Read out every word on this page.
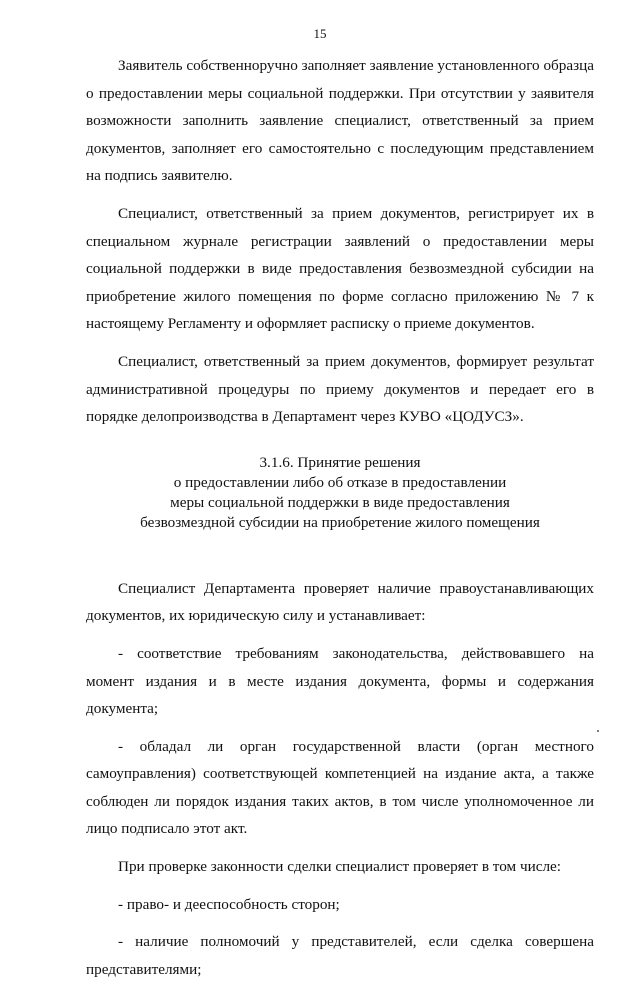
15

Заявитель собственноручно заполняет заявление установленного образца о предоставлении меры социальной поддержки. При отсутствии у заявителя возможности заполнить заявление специалист, ответственный за прием документов, заполняет его самостоятельно с последующим представлением на подпись заявителю.

Специалист, ответственный за прием документов, регистрирует их в специальном журнале регистрации заявлений о предоставлении меры социальной поддержки в виде предоставления безвозмездной субсидии на приобретение жилого помещения по форме согласно приложению № 7 к настоящему Регламенту и оформляет расписку о приеме документов.

Специалист, ответственный за прием документов, формирует результат административной процедуры по приему документов и передает его в порядке делопроизводства в Департамент через КУВО «ЦОДУСЗ».

3.1.6. Принятие решения
о предоставлении либо об отказе в предоставлении
меры социальной поддержки в виде предоставления
безвозмездной субсидии на приобретение жилого помещения

Специалист Департамента проверяет наличие правоустанавливающих документов, их юридическую силу и устанавливает:

- соответствие требованиям законодательства, действовавшего на момент издания и в месте издания документа, формы и содержания документа;

- обладал ли орган государственной власти (орган местного самоуправления) соответствующей компетенцией на издание акта, а также соблюден ли порядок издания таких актов, в том числе уполномоченное ли лицо подписало этот акт.

При проверке законности сделки специалист проверяет в том числе:

- право- и дееспособность сторон;

- наличие полномочий у представителей, если сделка совершена представителями;
